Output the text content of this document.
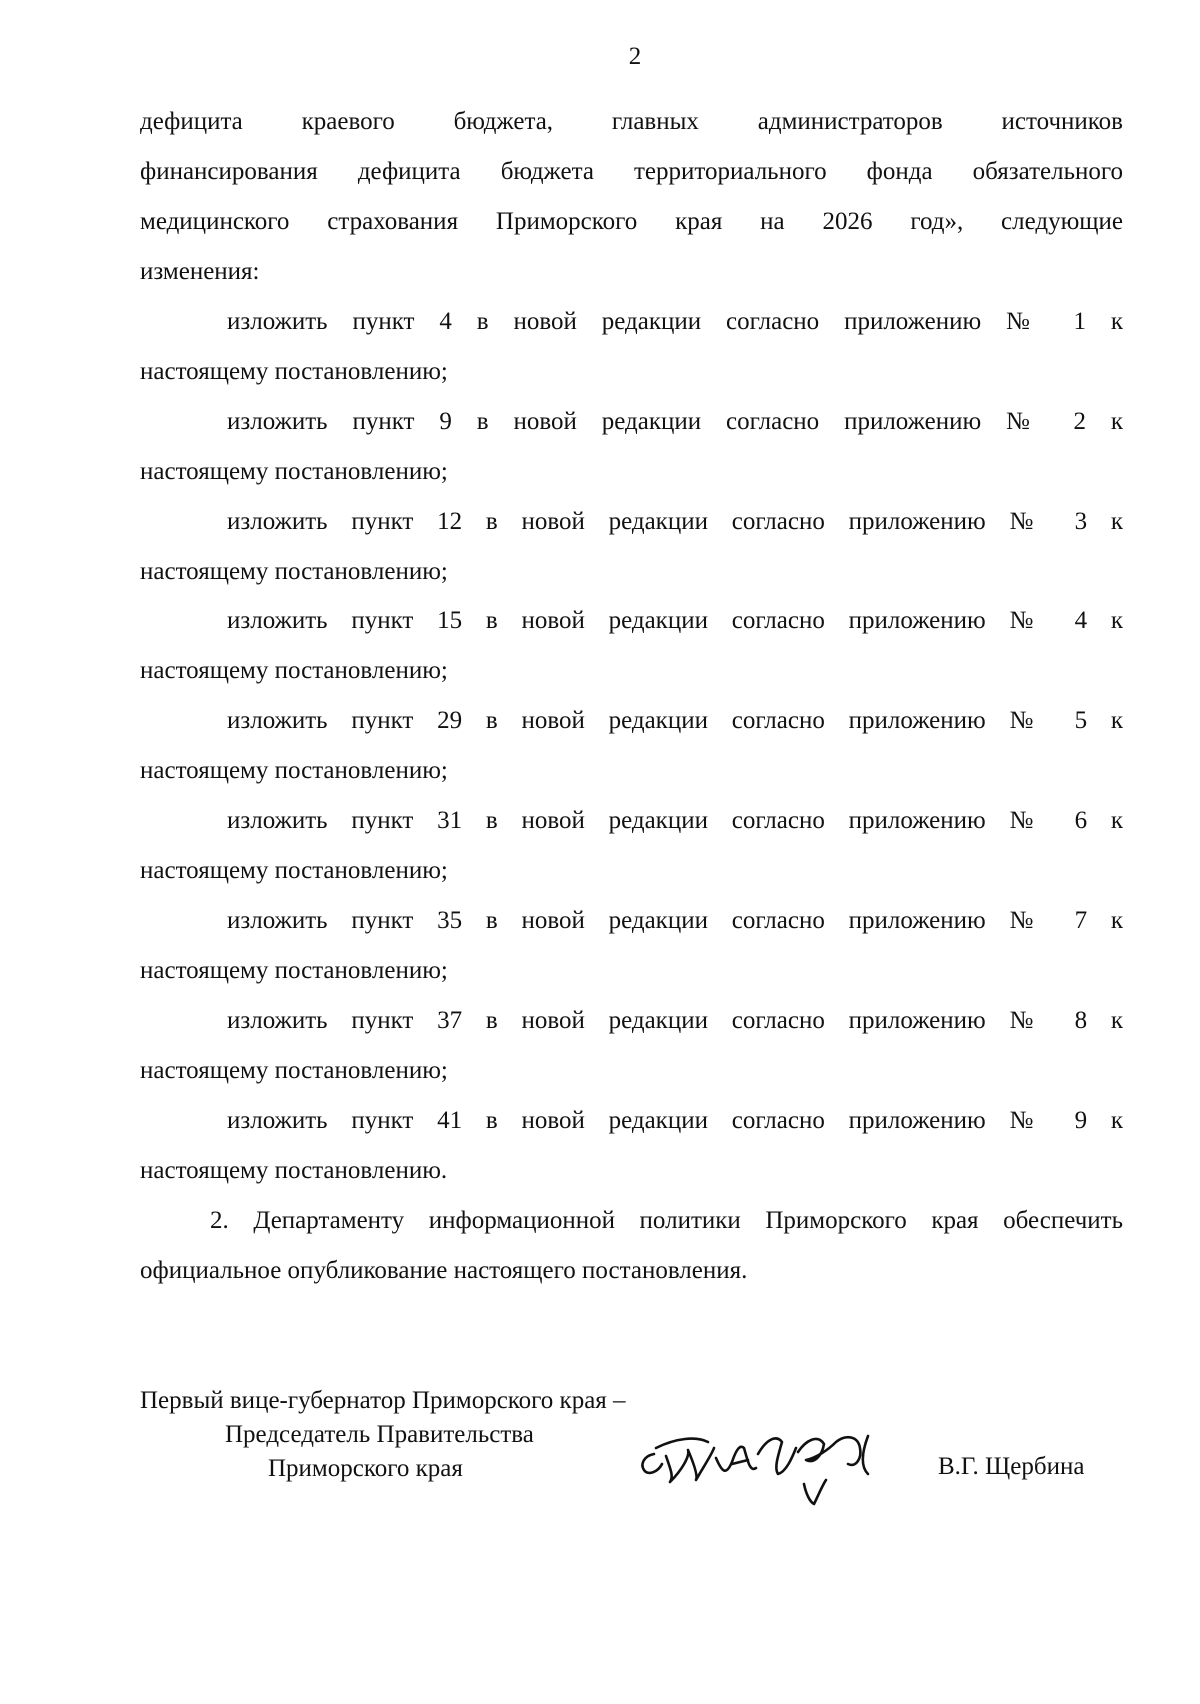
2
дефицита краевого бюджета, главных администраторов источников
финансирования дефицита бюджета территориального фонда обязательного
медицинского страхования Приморского края на 2026 год», следующие
изменения:
изложить пункт 4 в новой редакции согласно приложению № 1 к
настоящему постановлению;
изложить пункт 9 в новой редакции согласно приложению № 2 к
настоящему постановлению;
изложить пункт 12 в новой редакции согласно приложению № 3 к
настоящему постановлению;
изложить пункт 15 в новой редакции согласно приложению № 4 к
настоящему постановлению;
изложить пункт 29 в новой редакции согласно приложению № 5 к
настоящему постановлению;
изложить пункт 31 в новой редакции согласно приложению № 6 к
настоящему постановлению;
изложить пункт 35 в новой редакции согласно приложению № 7 к
настоящему постановлению;
изложить пункт 37 в новой редакции согласно приложению № 8 к
настоящему постановлению;
изложить пункт 41 в новой редакции согласно приложению № 9 к
настоящему постановлению.
2. Департаменту информационной политики Приморского края обеспечить
официальное опубликование настоящего постановления.
Первый вице-губернатор Приморского края –
Председатель Правительства
Приморского края	В.Г. Щербина
